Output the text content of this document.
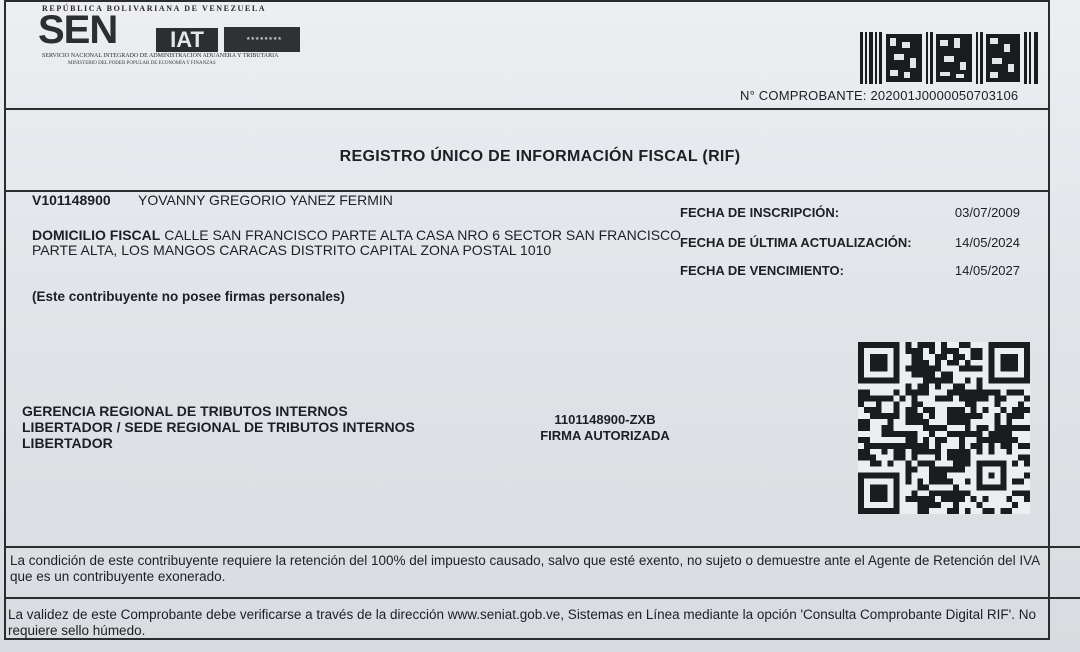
REPÚBLICA BOLIVARIANA DE VENEZUELA
SEN	IAT	★★★★★★★★
SERVICIO NACIONAL INTEGRADO DE ADMINISTRACIÓN ADUANERA Y TRIBUTARIA
MINISTERIO DEL PODER POPULAR DE ECONOMÍA Y FINANZAS
N° COMPROBANTE: 202001J0000050703106
REGISTRO ÚNICO DE INFORMACIÓN FISCAL (RIF)
V101148900 YOVANNY GREGORIO YANEZ FERMIN
DOMICILIO FISCAL CALLE SAN FRANCISCO PARTE ALTA CASA NRO 6 SECTOR SAN FRANCISCO PARTE ALTA, LOS MANGOS CARACAS DISTRITO CAPITAL ZONA POSTAL 1010
(Este contribuyente no posee firmas personales)
FECHA DE INSCRIPCIÓN:	03/07/2009
FECHA DE ÚLTIMA ACTUALIZACIÓN:	14/05/2024
FECHA DE VENCIMIENTO:	14/05/2027
GERENCIA REGIONAL DE TRIBUTOS INTERNOS LIBERTADOR / SEDE REGIONAL DE TRIBUTOS INTERNOS LIBERTADOR
1101148900-ZXB
FIRMA AUTORIZADA
La condición de este contribuyente requiere la retención del 100% del impuesto causado, salvo que esté exento, no sujeto o demuestre ante el Agente de Retención del IVA que es un contribuyente exonerado.
La validez de este Comprobante debe verificarse a través de la dirección www.seniat.gob.ve, Sistemas en Línea mediante la opción 'Consulta Comprobante Digital RIF'. No requiere sello húmedo.
